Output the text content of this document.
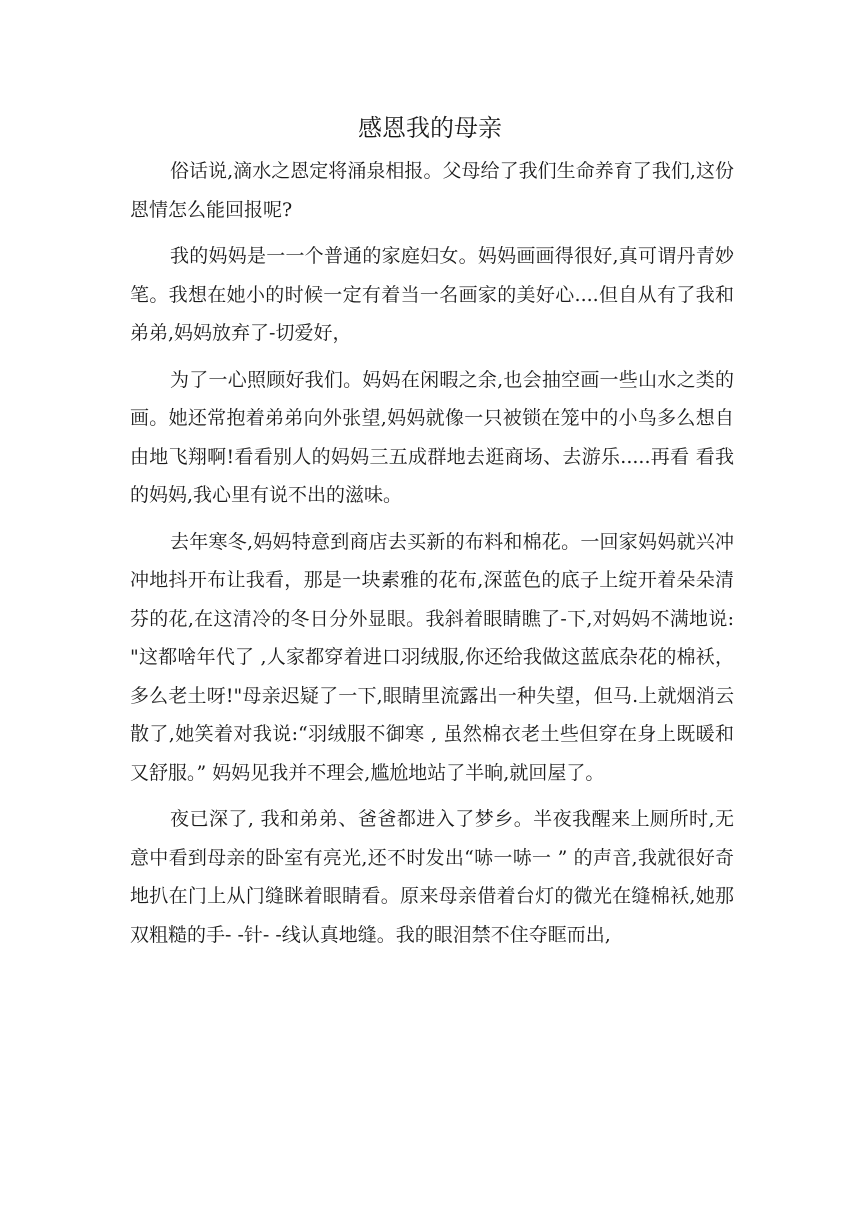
感恩我的母亲

俗话说,滴水之恩定将涌泉相报。父母给了我们生命养育了我们,这份恩情怎么能回报呢?

我的妈妈是一一个普通的家庭妇女。妈妈画画得很好,真可谓丹青妙笔。我想在她小的时候一定有着当一名画家的美好心....但自从有了我和弟弟,妈妈放弃了-切爱好，

为了一心照顾好我们。妈妈在闲暇之余,也会抽空画一些山水之类的画。她还常抱着弟弟向外张望,妈妈就像一只被锁在笼中的小鸟多么想自由地飞翔啊!看看别人的妈妈三五成群地去逛商场、去游乐.....再看 看我的妈妈,我心里有说不出的滋味。

去年寒冬,妈妈特意到商店去买新的布料和棉花。一回家妈妈就兴冲冲地抖开布让我看，那是一块素雅的花布,深蓝色的底子上绽开着朵朵清芬的花,在这清冷的冬日分外显眼。我斜着眼睛瞧了-下,对妈妈不满地说: "这都啥年代了 ,人家都穿着进口羽绒服,你还给我做这蓝底杂花的棉袄，多么老土呀!"母亲迟疑了一下,眼睛里流露出一种失望，但马.上就烟消云散了,她笑着对我说:“羽绒服不御寒 , 虽然棉衣老土些但穿在身上既暖和又舒服。” 妈妈见我并不理会,尴尬地站了半晌,就回屋了。

夜已深了, 我和弟弟、爸爸都进入了梦乡。半夜我醒来上厕所时,无意中看到母亲的卧室有亮光,还不时发出“哧一哧一 ” 的声音,我就很好奇地扒在门上从门缝眯着眼睛看。原来母亲借着台灯的微光在缝棉袄,她那双粗糙的手- -针- -线认真地缝。我的眼泪禁不住夺眶而出,
